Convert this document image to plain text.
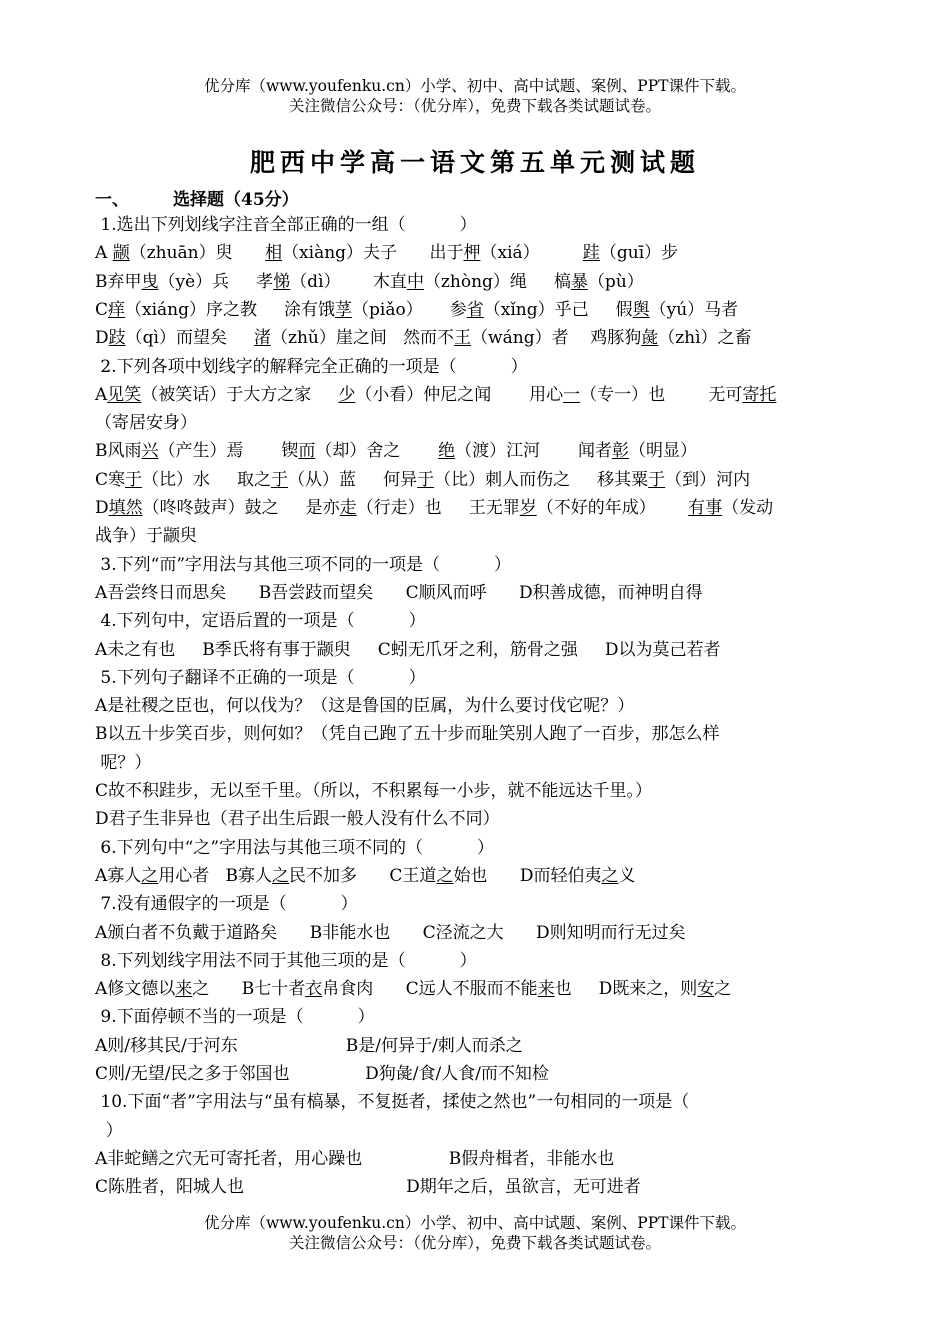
优分库（www.youfenku.cn）小学、初中、高中试题、案例、PPT课件下载。
关注微信公众号：（优分库），免费下载各类试题试卷。
肥西中学高一语文第五单元测试题
一、	选择题（45分）
1.选出下列划线字注音全部正确的一组（          ）
A 颛（zhuān）臾      相（xiàng）夫子      出于柙（xiá）        跬（guī）步
B弃甲曳（yè）兵     孝悌（dì）      木直中（zhòng）绳     槁暴（pù）
C痒（xiáng）序之教     涂有饿莩（piǎo）     参省（xǐng）乎己     假舆（yú）马者
D跂（qì）而望矣     渚（zhǔ）崖之间   然而不王（wáng）者    鸡豚狗彘（zhì）之畜
2.下列各项中划线字的解释完全正确的一项是（          ）
A见笑（被笑话）于大方之家     少（小看）仲尼之闻       用心一（专一）也        无可寄托
（寄居安身）
B风雨兴（产生）焉       锲而（却）舍之       绝（渡）江河       闻者彰（明显）
C寒于（比）水     取之于（从）蓝     何异于（比）刺人而伤之     移其粟于（到）河内
D填然（咚咚鼓声）鼓之     是亦走（行走）也     王无罪岁（不好的年成）      有事（发动
战争）于颛臾
3.下列“而”字用法与其他三项不同的一项是（          ）
A吾尝终日而思矣      B吾尝跂而望矣      C顺风而呼      D积善成德，而神明自得
4.下列句中，定语后置的一项是（          ）
A未之有也     B季氏将有事于颛臾     C蚓无爪牙之利，筋骨之强     D以为莫己若者
5.下列句子翻译不正确的一项是（          ）
A是社稷之臣也，何以伐为？（这是鲁国的臣属，为什么要讨伐它呢？）
B以五十步笑百步，则何如？（凭自己跑了五十步而耻笑别人跑了一百步，那怎么样
呢？）
C故不积跬步，无以至千里。（所以，不积累每一小步，就不能远达千里。）
D君子生非异也（君子出生后跟一般人没有什么不同）
6.下列句中“之”字用法与其他三项不同的（          ）
A寡人之用心者   B寡人之民不加多      C王道之始也      D而轻伯夷之义
7.没有通假字的一项是（          ）
A颁白者不负戴于道路矣      B非能水也      C泾流之大      D则知明而行无过矣
8.下列划线字用法不同于其他三项的是（          ）
A修文德以来之      B七十者衣帛食肉      C远人不服而不能来也     D既来之，则安之
9.下面停顿不当的一项是（          ）
A则/移其民/于河东                    B是/何异于/刺人而杀之
C则/无望/民之多于邻国也              D狗彘/食/人食/而不知检
10.下面“者”字用法与“虽有槁暴，不复挺者，揉使之然也”一句相同的一项是（
）
A非蛇鳝之穴无可寄托者，用心躁也                B假舟楫者，非能水也
C陈胜者，阳城人也                              D期年之后，虽欲言，无可进者
优分库（www.youfenku.cn）小学、初中、高中试题、案例、PPT课件下载。
关注微信公众号：（优分库），免费下载各类试题试卷。
